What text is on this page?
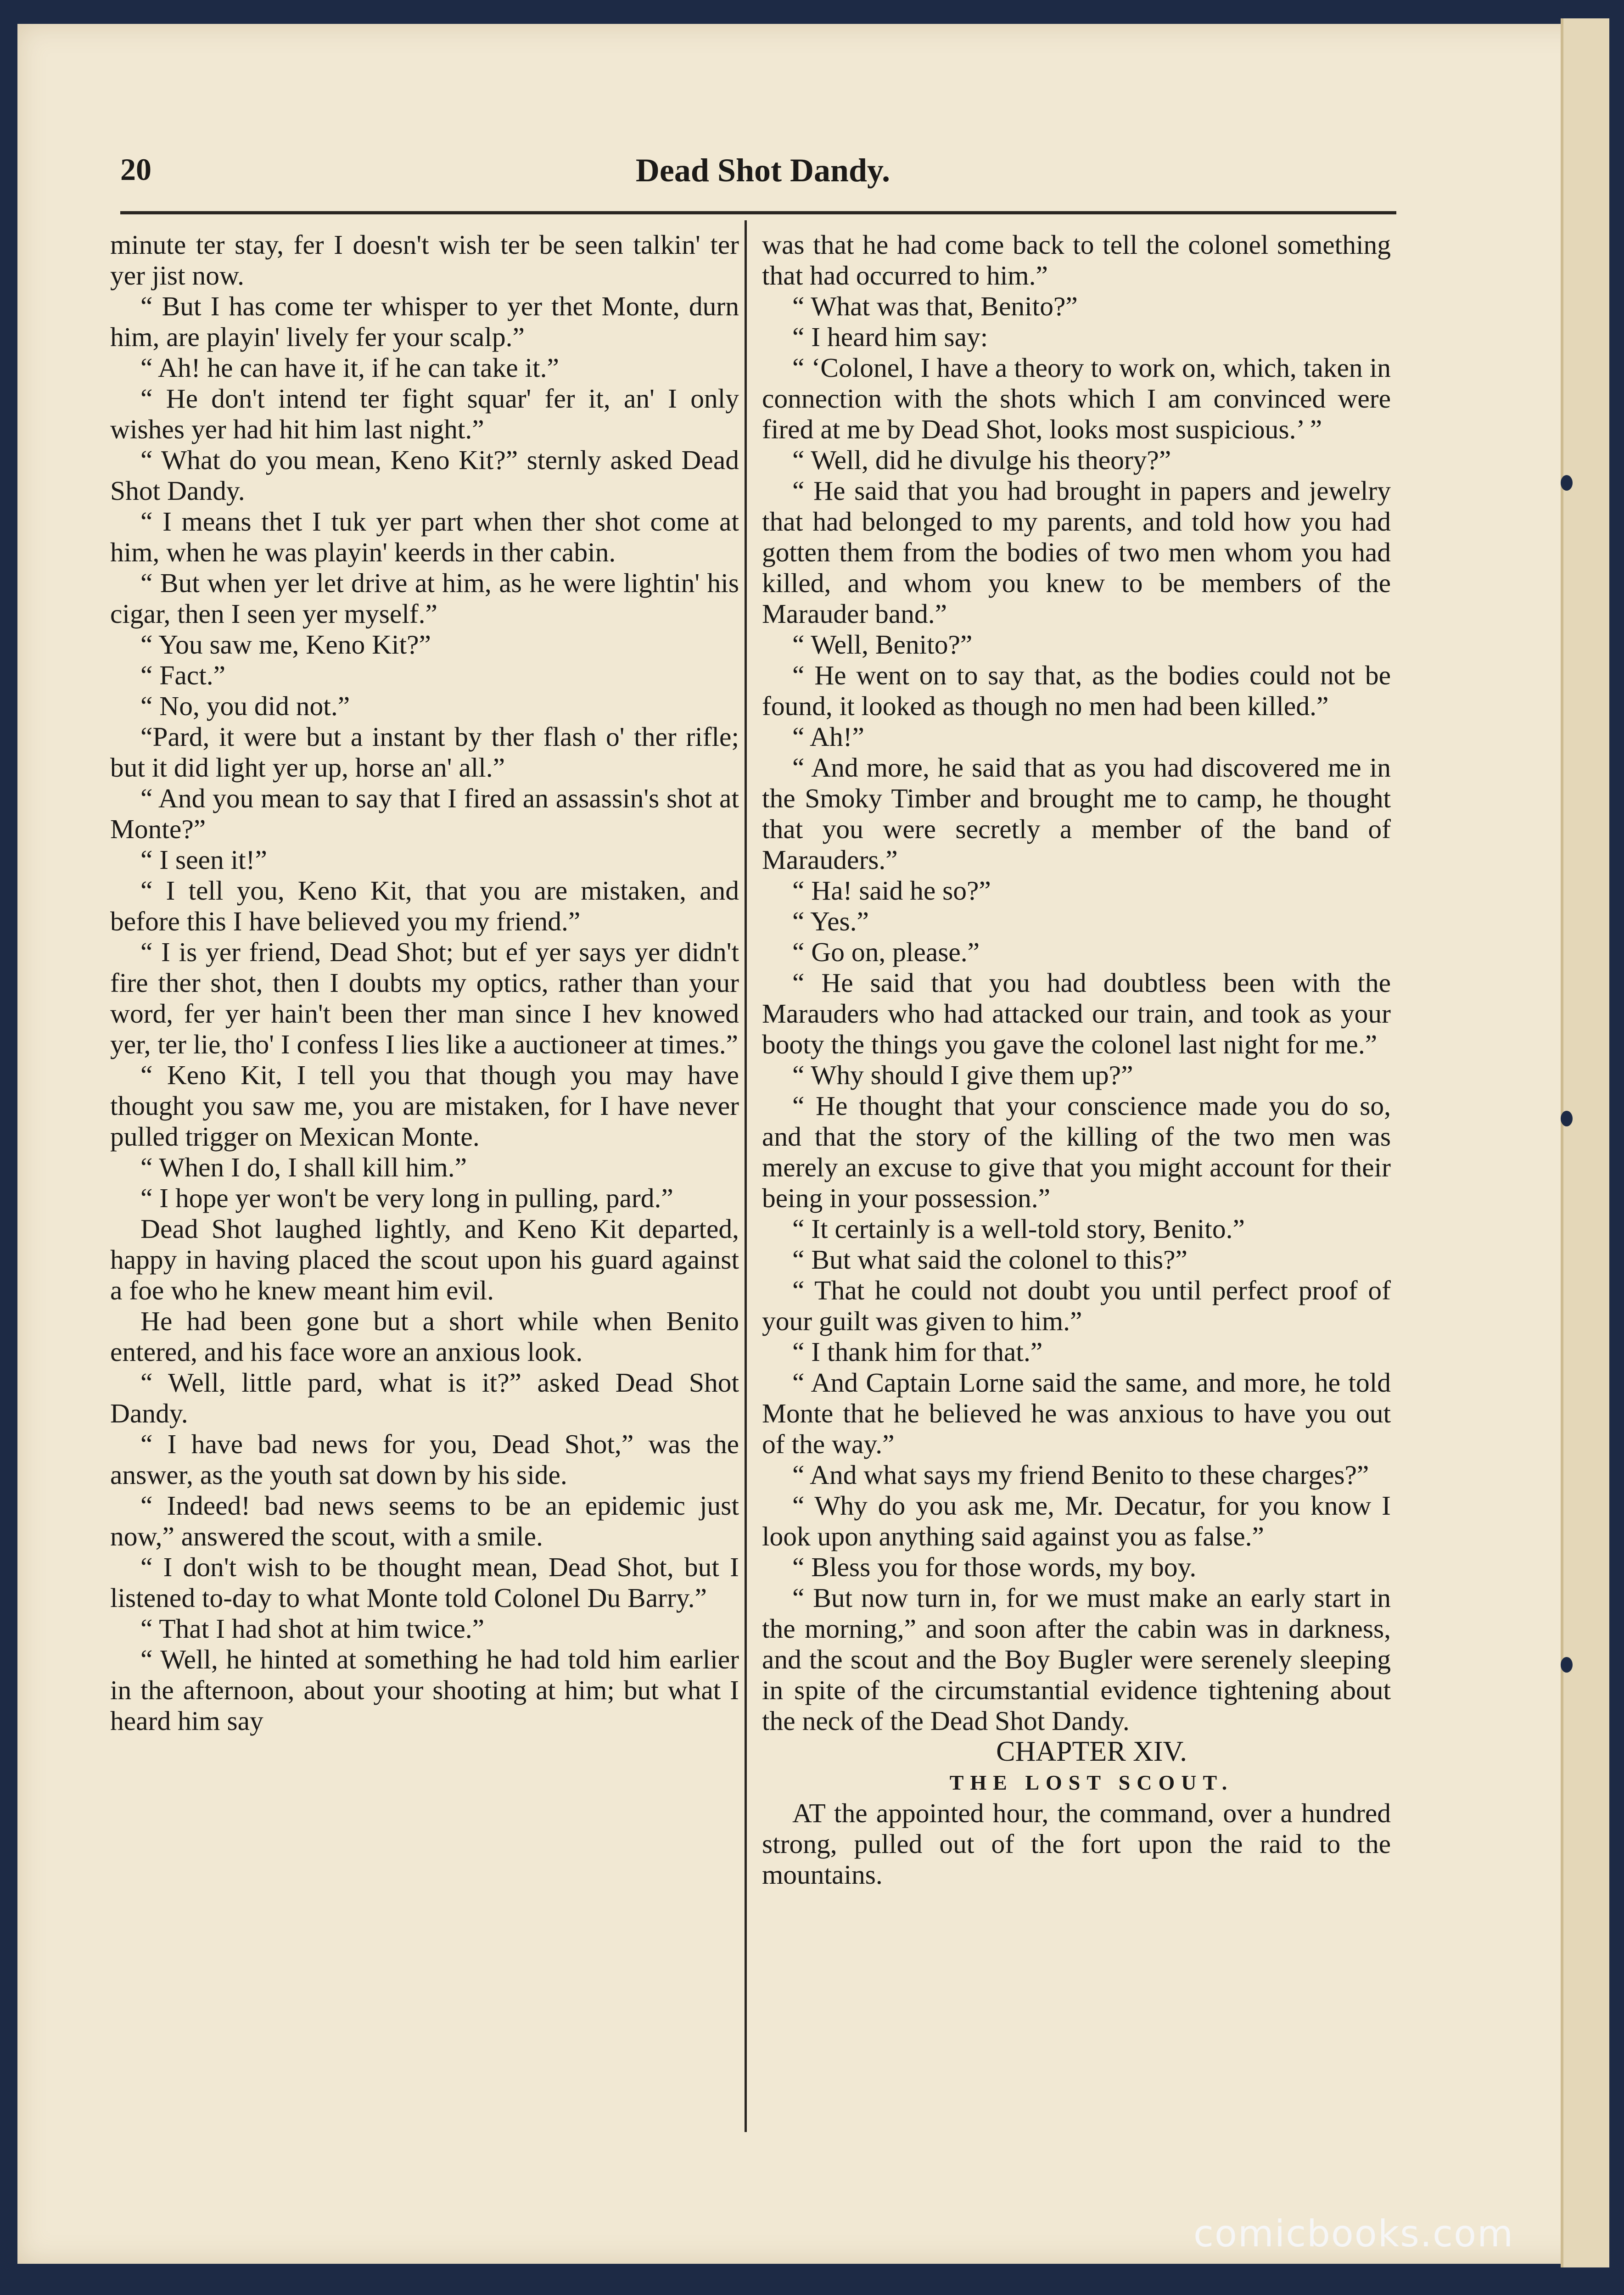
20	Dead Shot Dandy.

minute ter stay, fer I doesn't wish ter be seen talkin' ter yer jist now.

“ But I has come ter whisper to yer thet Monte, durn him, are playin' lively fer your scalp.”

“ Ah! he can have it, if he can take it.”

“ He don't intend ter fight squar' fer it, an' I only wishes yer had hit him last night.”

“ What do you mean, Keno Kit?” sternly asked Dead Shot Dandy.

“ I means thet I tuk yer part when ther shot come at him, when he was playin' keerds in ther cabin.

“ But when yer let drive at him, as he were lightin' his cigar, then I seen yer myself.”

“ You saw me, Keno Kit?”

“ Fact.”

“ No, you did not.”

“Pard, it were but a instant by ther flash o' ther rifle; but it did light yer up, horse an' all.”

“ And you mean to say that I fired an assassin's shot at Monte?”

“ I seen it!”

“ I tell you, Keno Kit, that you are mistaken, and before this I have believed you my friend.”

“ I is yer friend, Dead Shot; but ef yer says yer didn't fire ther shot, then I doubts my optics, rather than your word, fer yer hain't been ther man since I hev knowed yer, ter lie, tho' I confess I lies like a auctioneer at times.”

“ Keno Kit, I tell you that though you may have thought you saw me, you are mistaken, for I have never pulled trigger on Mexican Monte.

“ When I do, I shall kill him.”

“ I hope yer won't be very long in pulling, pard.”

Dead Shot laughed lightly, and Keno Kit departed, happy in having placed the scout upon his guard against a foe who he knew meant him evil.

He had been gone but a short while when Benito entered, and his face wore an anxious look.

“ Well, little pard, what is it?” asked Dead Shot Dandy.

“ I have bad news for you, Dead Shot,” was the answer, as the youth sat down by his side.

“ Indeed! bad news seems to be an epidemic just now,” answered the scout, with a smile.

“ I don't wish to be thought mean, Dead Shot, but I listened to-day to what Monte told Colonel Du Barry.”

“ That I had shot at him twice.”

“ Well, he hinted at something he had told him earlier in the afternoon, about your shooting at him; but what I heard him say

was that he had come back to tell the colonel something that had occurred to him.”

“ What was that, Benito?”

“ I heard him say:

“ ‘Colonel, I have a theory to work on, which, taken in connection with the shots which I am convinced were fired at me by Dead Shot, looks most suspicious.’ ”

“ Well, did he divulge his theory?”

“ He said that you had brought in papers and jewelry that had belonged to my parents, and told how you had gotten them from the bodies of two men whom you had killed, and whom you knew to be members of the Marauder band.”

“ Well, Benito?”

“ He went on to say that, as the bodies could not be found, it looked as though no men had been killed.”

“ Ah!”

“ And more, he said that as you had discovered me in the Smoky Timber and brought me to camp, he thought that you were secretly a member of the band of Marauders.”

“ Ha! said he so?”

“ Yes.”

“ Go on, please.”

“ He said that you had doubtless been with the Marauders who had attacked our train, and took as your booty the things you gave the colonel last night for me.”

“ Why should I give them up?”

“ He thought that your conscience made you do so, and that the story of the killing of the two men was merely an excuse to give that you might account for their being in your possession.”

“ It certainly is a well-told story, Benito.”

“ But what said the colonel to this?”

“ That he could not doubt you until perfect proof of your guilt was given to him.”

“ I thank him for that.”

“ And Captain Lorne said the same, and more, he told Monte that he believed he was anxious to have you out of the way.”

“ And what says my friend Benito to these charges?”

“ Why do you ask me, Mr. Decatur, for you know I look upon anything said against you as false.”

“ Bless you for those words, my boy.

“ But now turn in, for we must make an early start in the morning,” and soon after the cabin was in darkness, and the scout and the Boy Bugler were serenely sleeping in spite of the circumstantial evidence tightening about the neck of the Dead Shot Dandy.

CHAPTER XIV.

THE LOST SCOUT.

AT the appointed hour, the command, over a hundred strong, pulled out of the fort upon the raid to the mountains.

comicbooks.com
